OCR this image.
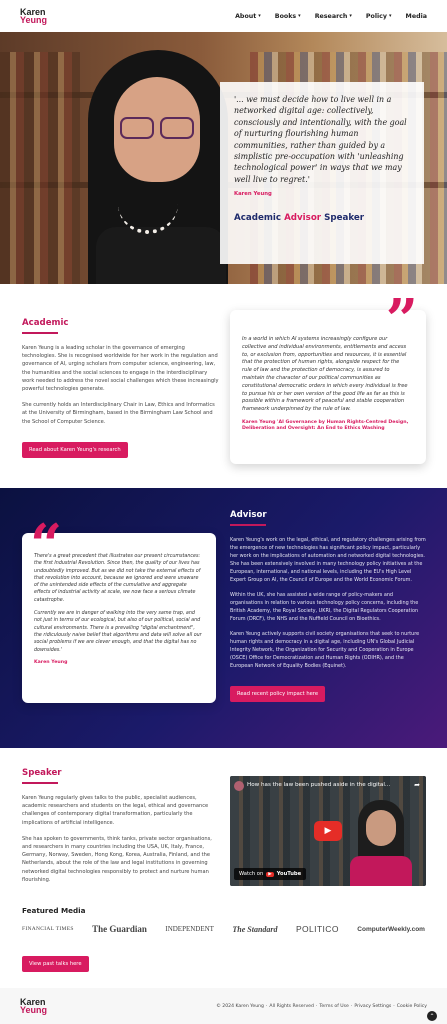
Karen
Yeung	About ▾ Books ▾ Research ▾ Policy ▾ Media
'... we must decide how to live well in a networked digital age: collectively, consciously and intentionally, with the goal of nurturing flourishing human communities, rather than guided by a simplistic pre-occupation with 'unleashing technological power' in ways that we may well live to regret.'
Karen Yeung
Academic Advisor Speaker
Academic

Karen Yeung is a leading scholar in the governance of emerging technologies. She is recognised worldwide for her work in the regulation and governance of AI, urging scholars from computer science, engineering, law, the humanities and the social sciences to engage in the interdisciplinary work needed to address the novel social challenges which these increasingly powerful technologies generate.

She currently holds an Interdisciplinary Chair in Law, Ethics and Informatics at the University of Birmingham, based in the Birmingham Law School and the School of Computer Science.

Read about Karen Yeung's research
”
In a world in which AI systems increasingly configure our collective and individual environments, entitlements and access to, or exclusion from, opportunities and resources, it is essential that the protection of human rights, alongside respect for the rule of law and the protection of democracy, is assured to maintain the character of our political communities as constitutional democratic orders in which every individual is free to pursue his or her own version of the good life as far as this is possible within a framework of peaceful and stable cooperation framework underpinned by the rule of law.
Karen Yeung 'AI Governance by Human Rights-Centred Design, Deliberation and Oversight: An End to Ethics Washing
“
There's a great precedent that illustrates our present circumstances: the first Industrial Revolution. Since then, the quality of our lives has undoubtedly improved. But as we did not take the external effects of that revolution into account, because we ignored and were unaware of the unintended side effects of the cumulative and aggregate effects of industrial activity at scale, we now face a serious climate catastrophe.
Currently we are in danger of walking into the very same trap, and not just in terms of our ecological, but also of our political, social and cultural environments. There is a prevailing "digital enchantment", the ridiculously naive belief that algorithms and data will solve all our social problems if we are clever enough, and that the digital has no downsides.'
Karen Yeung
Advisor

Karen Yeung's work on the legal, ethical, and regulatory challenges arising from the emergence of new technologies has significant policy impact, particularly her work on the implications of automation and networked digital technologies. She has been extensively involved in many technology policy initiatives at the European, international, and national levels, including the EU's High Level Expert Group on AI, the Council of Europe and the World Economic Forum.

Within the UK, she has assisted a wide range of policy-makers and organisations in relation to various technology policy concerns, including the British Academy, the Royal Society, UKRI, the Digital Regulators Cooperation Forum (DRCF), the NHS and the Nuffield Council on Bioethics.

Karen Yeung actively supports civil society organisations that seek to nurture human rights and democracy in a digital age, including UN's Global Judicial Integrity Network, the Organization for Security and Cooperation in Europe (OSCE) Office for Democratization and Human Rights (ODIHR), and the European Network of Equality Bodies (Equinet).

Read recent policy impact here
Speaker

Karen Yeung regularly gives talks to the public, specialist audiences, academic researchers and students on the legal, ethical and governance challenges of contemporary digital transformation, particularly the implications of artificial intelligence.

She has spoken to governments, think tanks, private sector organisations, and researchers in many countries including the USA, UK, Italy, France, Germany, Norway, Sweden, Hong Kong, Korea, Australia, Finland, and the Netherlands, about the role of the law and legal institutions in governing networked digital technologies responsibly to protect and nurture human flourishing.

Featured Media
FINANCIAL TIMES The Guardian	INDEPENDENT The Standard POLITICO	ComputerWeekly.com
View past talks here
How has the law been pushed aside in the digital...	➦
▶
Watch on	▶ YouTube
Karen
Yeung	© 2024 Karen Yeung · All Rights Reserved · Terms of Use · Privacy Settings · Cookie Policy
⌃
